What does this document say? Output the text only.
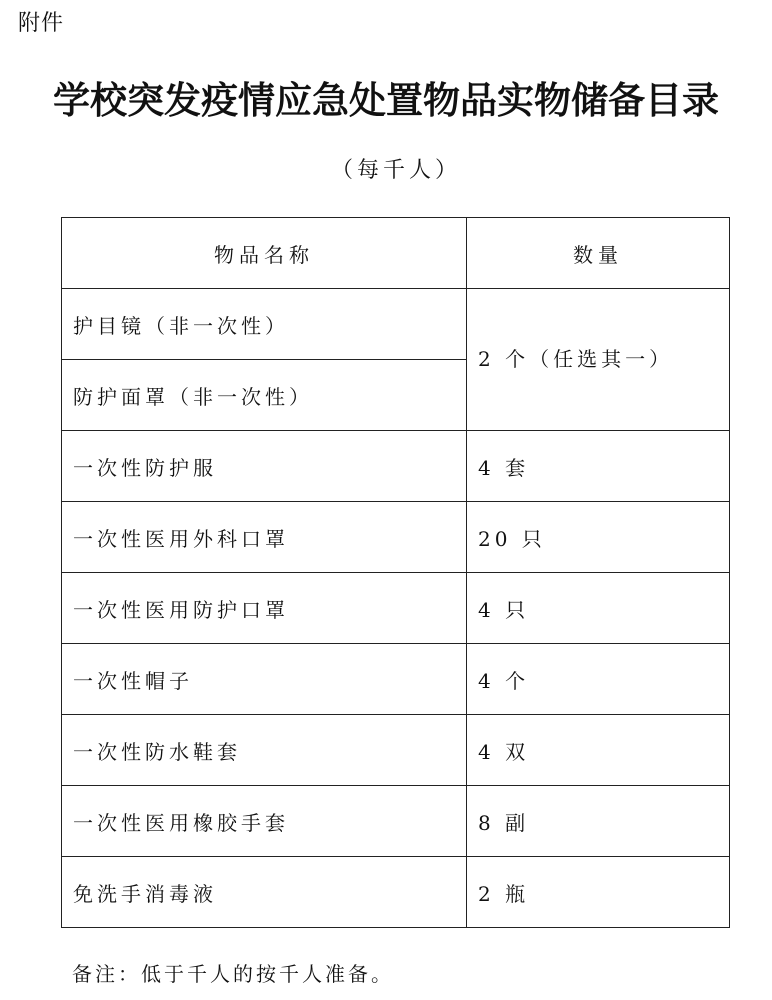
附件
学校突发疫情应急处置物品实物储备目录
（每千人）
物品名称	数量
护目镜（非一次性）	2 个（任选其一）
防护面罩（非一次性）	
一次性防护服	4 套
一次性医用外科口罩	20 只
一次性医用防护口罩	4 只
一次性帽子	4 个
一次性防水鞋套	4 双
一次性医用橡胶手套	8 副
免洗手消毒液	2 瓶
备注：低于千人的按千人准备。
